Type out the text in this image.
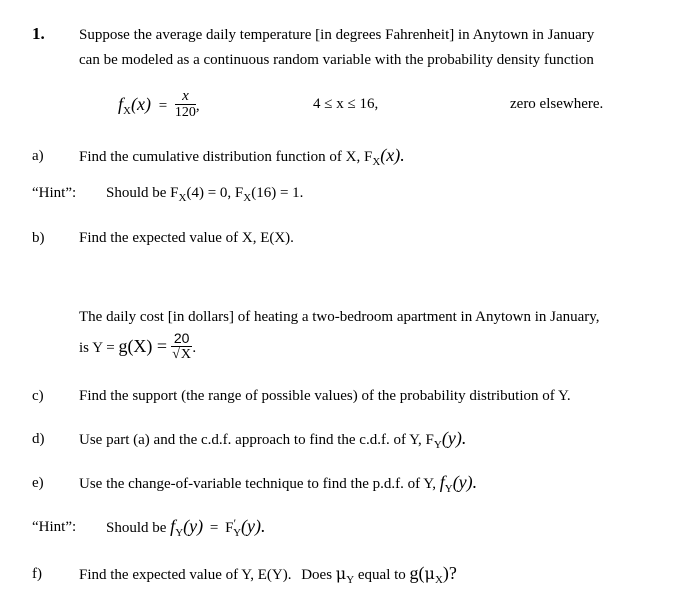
1. Suppose the average daily temperature [in degrees Fahrenheit] in Anytown in January
can be modeled as a continuous random variable with the probability density function
$f_X(x) = \frac{x}{120}$ ,	4 ≤ x ≤ 16,	zero elsewhere.
a) Find the cumulative distribution function of X, $F_X(x)$.
“Hint”: Should be $F_X(4) = 0$, $F_X(16) = 1$.
b) Find the expected value of X, E(X).
The daily cost [in dollars] of heating a two-bedroom apartment in Anytown in January,
is $Y = g(X) = \frac{20}{√X}$ .
c) Find the support (the range of possible values) of the probability distribution of Y.
d) Use part (a) and the c.d.f. approach to find the c.d.f. of Y, $F_Y(y)$.
e) Use the change-of-variable technique to find the p.d.f. of Y, $f_Y(y)$.
“Hint”: Should be $f_Y(y) = F'_Y(y)$.
f) Find the expected value of Y, E(Y). Does $\mu_Y$ equal to $g(\mu_X)$?
